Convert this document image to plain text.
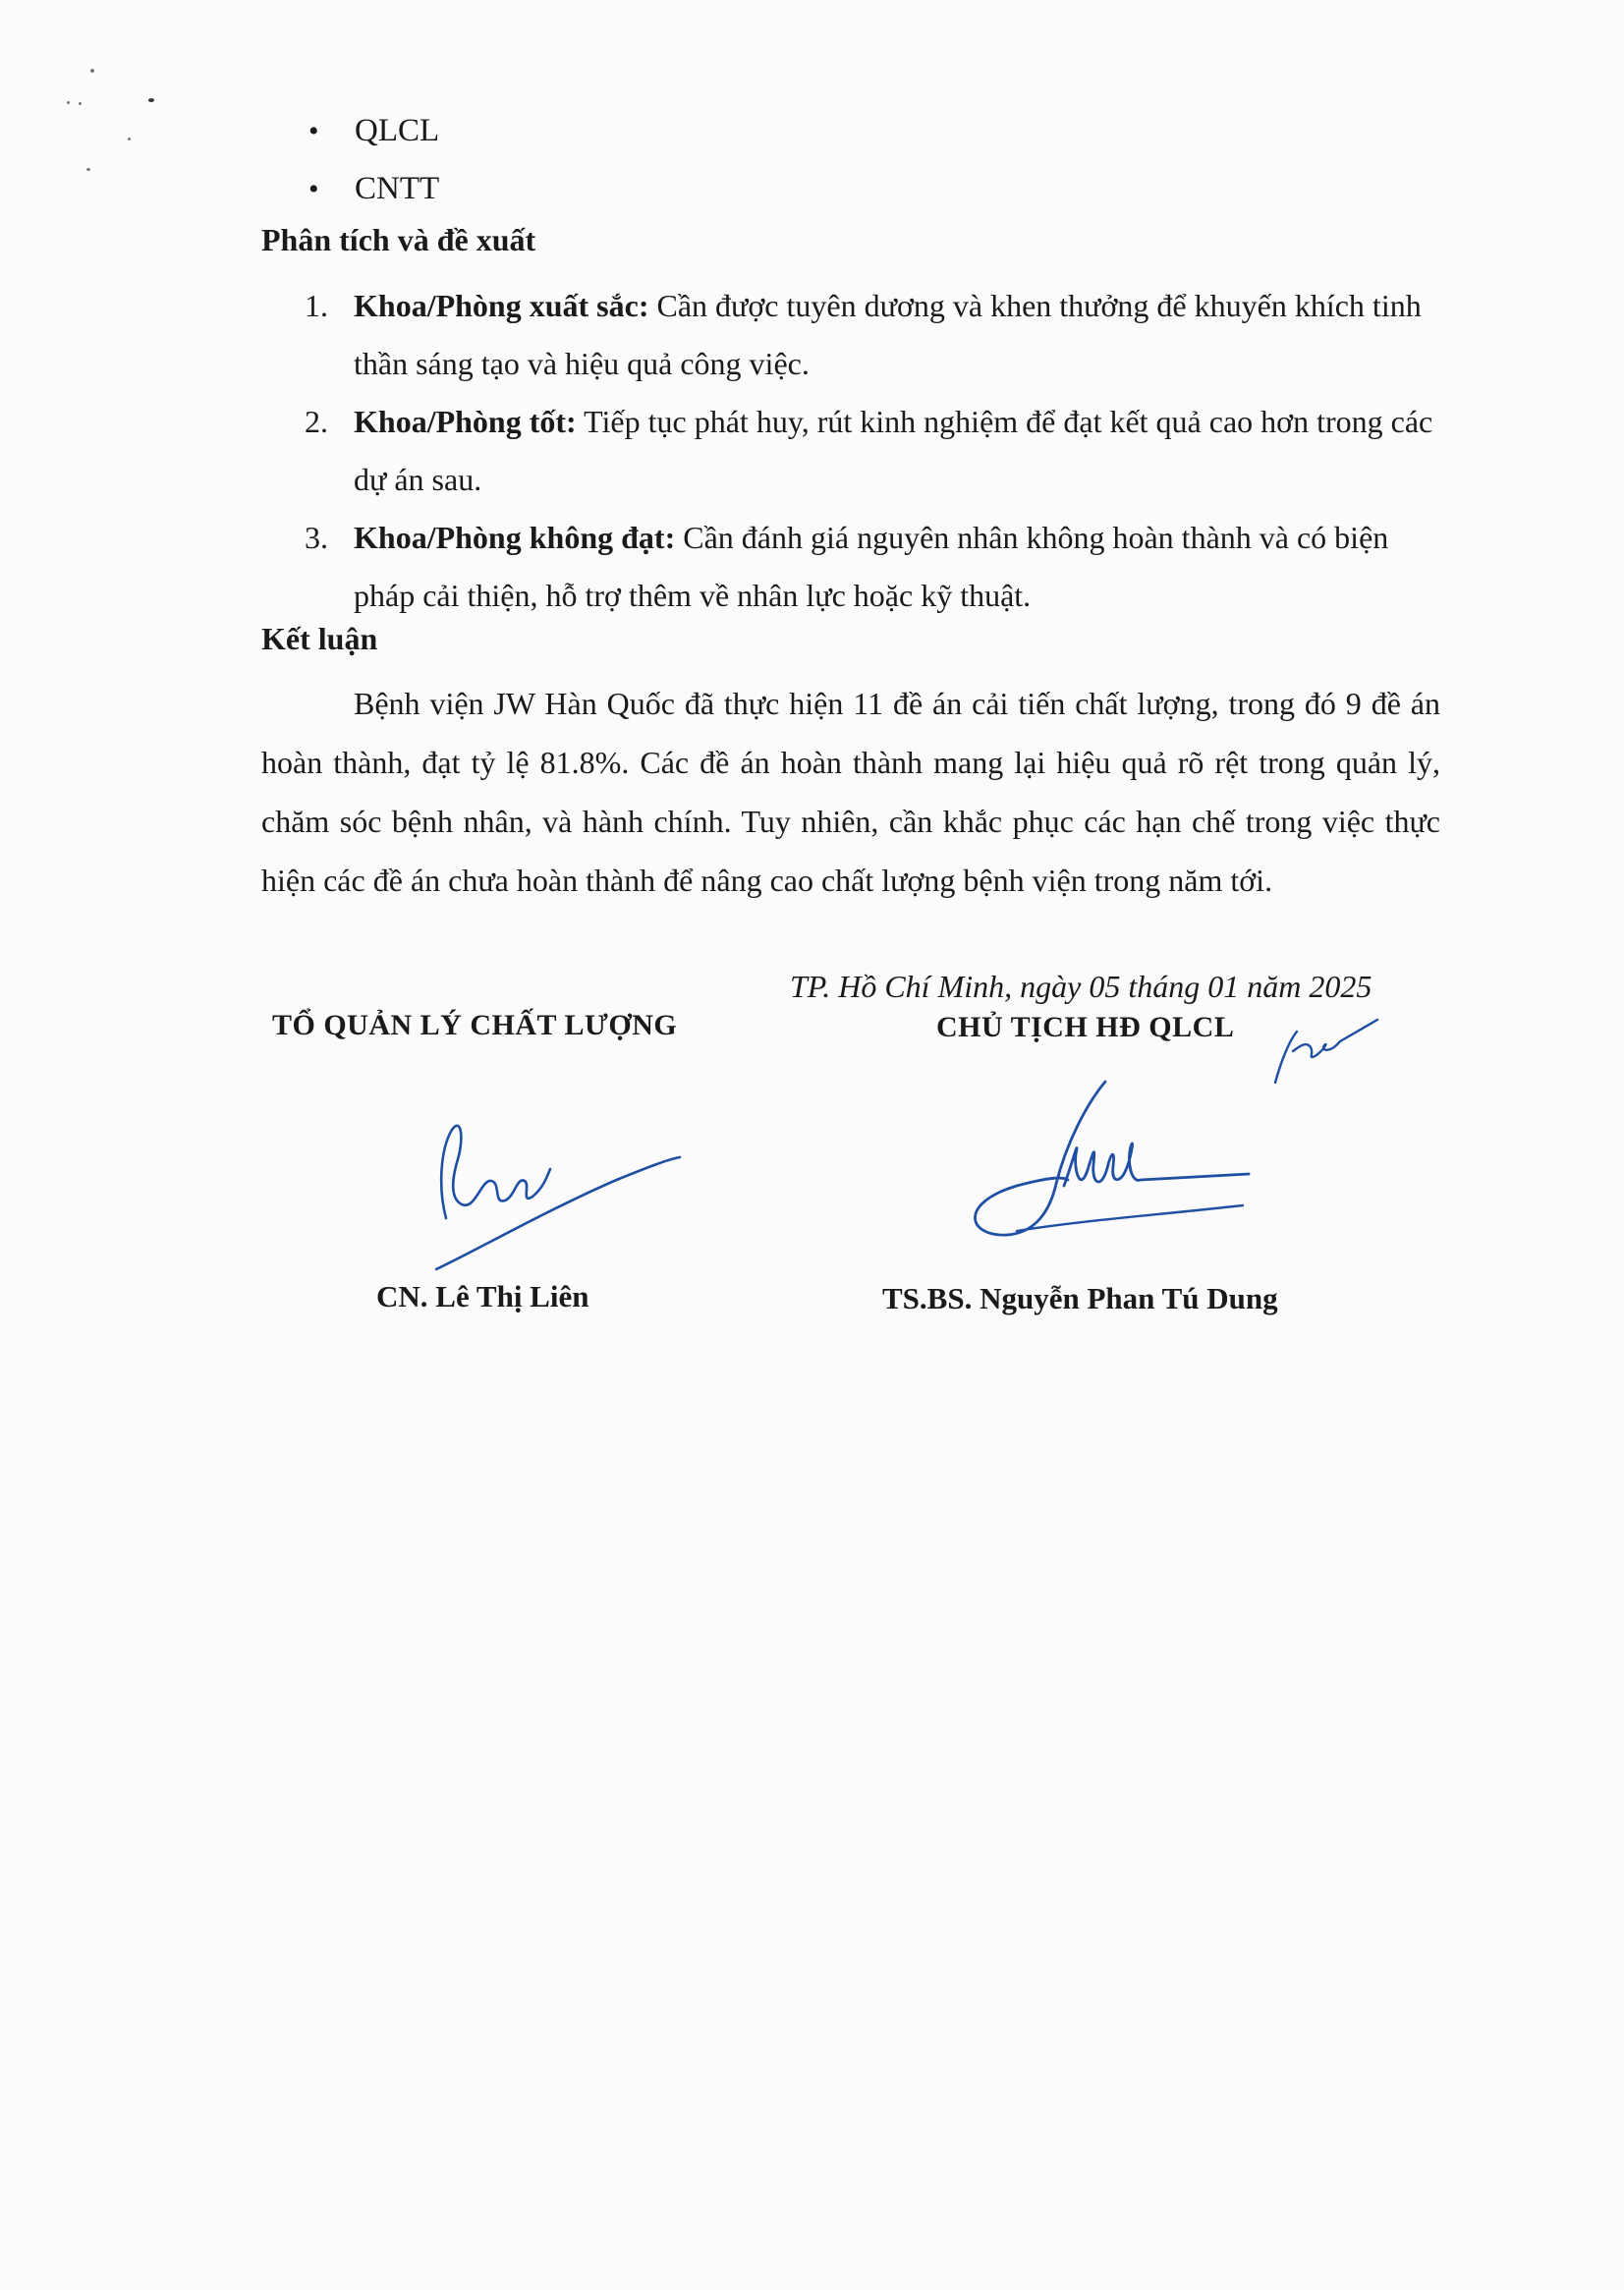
• QLCL
• CNTT
Phân tích và đề xuất
1. Khoa/Phòng xuất sắc: Cần được tuyên dương và khen thưởng để khuyến khích tinh thần sáng tạo và hiệu quả công việc.
2. Khoa/Phòng tốt: Tiếp tục phát huy, rút kinh nghiệm để đạt kết quả cao hơn trong các dự án sau.
3. Khoa/Phòng không đạt: Cần đánh giá nguyên nhân không hoàn thành và có biện pháp cải thiện, hỗ trợ thêm về nhân lực hoặc kỹ thuật.
Kết luận

Bệnh viện JW Hàn Quốc đã thực hiện 11 đề án cải tiến chất lượng, trong đó 9 đề án hoàn thành, đạt tỷ lệ 81.8%. Các đề án hoàn thành mang lại hiệu quả rõ rệt trong quản lý, chăm sóc bệnh nhân, và hành chính. Tuy nhiên, cần khắc phục các hạn chế trong việc thực hiện các đề án chưa hoàn thành để nâng cao chất lượng bệnh viện trong năm tới.

TP. Hồ Chí Minh, ngày 05 tháng 01 năm 2025
TỔ QUẢN LÝ CHẤT LƯỢNG	CHỦ TỊCH HĐ QLCL
CN. Lê Thị Liên	TS.BS. Nguyễn Phan Tú Dung
